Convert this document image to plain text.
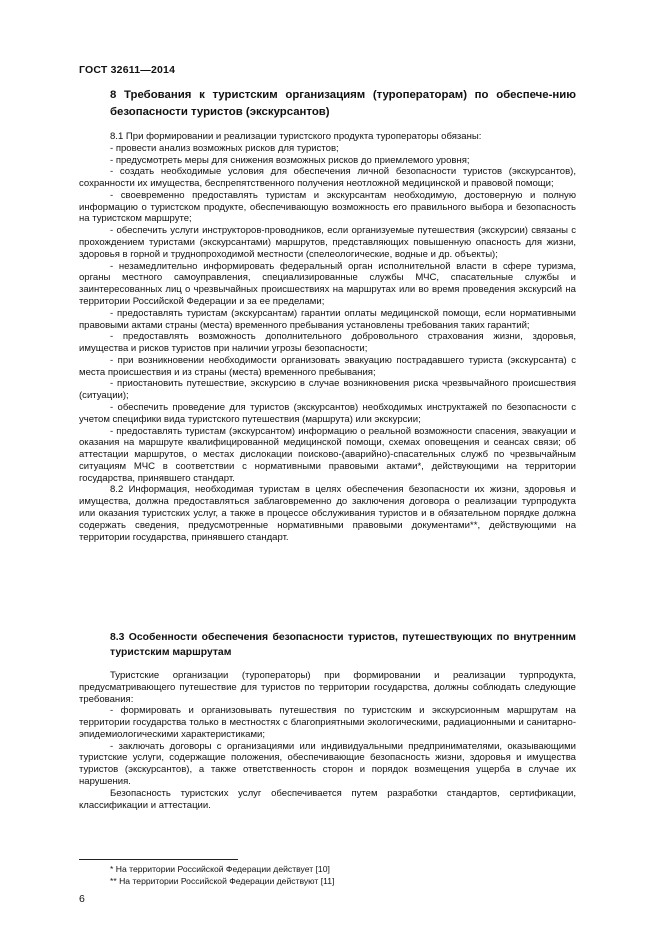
ГОСТ 32611—2014
8 Требования к туристским организациям (туроператорам) по обеспече-нию безопасности туристов (экскурсантов)

8.1 При формировании и реализации туристского продукта туроператоры обязаны:

- провести анализ возможных рисков для туристов;

- предусмотреть меры для снижения возможных рисков до приемлемого уровня;

- создать необходимые условия для обеспечения личной безопасности туристов (экскурсантов), сохранности их имущества, беспрепятственного получения неотложной медицинской и правовой помощи;

- своевременно предоставлять туристам и экскурсантам необходимую, достоверную и полную информацию о туристском продукте, обеспечивающую возможность его правильного выбора и безопасность на туристском маршруте;

- обеспечить услуги инструкторов-проводников, если организуемые путешествия (экскурсии) связаны с прохождением туристами (экскурсантами) маршрутов, представляющих повышенную опасность для жизни, здоровья в горной и труднопроходимой местности (спелеологические, водные и др. объекты);

- незамедлительно информировать федеральный орган исполнительной власти в сфере туризма, органы местного самоуправления, специализированные службы МЧС, спасательные службы и заинтересованных лиц о чрезвычайных происшествиях на маршрутах или во время проведения экскурсий на территории Российской Федерации и за ее пределами;

- предоставлять туристам (экскурсантам) гарантии оплаты медицинской помощи, если нормативными правовыми актами страны (места) временного пребывания установлены требования таких гарантий;

- предоставлять возможность дополнительного добровольного страхования жизни, здоровья, имущества и рисков туристов при наличии угрозы безопасности;

- при возникновении необходимости организовать эвакуацию пострадавшего туриста (экскурсанта) с места происшествия и из страны (места) временного пребывания;

- приостановить путешествие, экскурсию в случае возникновения риска чрезвычайного происшествия (ситуации);

- обеспечить проведение для туристов (экскурсантов) необходимых инструктажей по безопасности с учетом специфики вида туристского путешествия (маршрута) или экскурсии;

- предоставлять туристам (экскурсантом) информацию о реальной возможности спасения, эвакуации и оказания на маршруте квалифицированной медицинской помощи, схемах оповещения и сеансах связи; об аттестации маршрутов, о местах дислокации поисково-(аварийно)-спасательных служб по чрезвычайным ситуациям МЧС в соответствии с нормативными правовыми актами*, действующими на территории государства, принявшего стандарт.

8.2 Информация, необходимая туристам в целях обеспечения безопасности их жизни, здоровья и имущества, должна предоставляться заблаговременно до заключения договора о реализации турпродукта или оказания туристских услуг, а также в процессе обслуживания туристов и в обязательном порядке должна содержать сведения, предусмотренные нормативными правовыми документами**, действующими на территории государства, принявшего стандарт.

8.3 Особенности обеспечения безопасности туристов, путешествующих по внутренним туристским маршрутам

Туристские организации (туроператоры) при формировании и реализации турпродукта, предусматривающего путешествие для туристов по территории государства, должны соблюдать следующие требования:

- формировать и организовывать путешествия по туристским и экскурсионным маршрутам на территории государства только в местностях с благоприятными экологическими, радиационными и санитарно-эпидемиологическими характеристиками;

- заключать договоры с организациями или индивидуальными предпринимателями, оказывающими туристские услуги, содержащие положения, обеспечивающие безопасность жизни, здоровья и имущества туристов (экскурсантов), а также ответственность сторон и порядок возмещения ущерба в случае их нарушения.

Безопасность туристских услуг обеспечивается путем разработки стандартов, сертификации, классификации и аттестации.

* На территории Российской Федерации действует [10]
** На территории Российской Федерации действуют [11]
6
